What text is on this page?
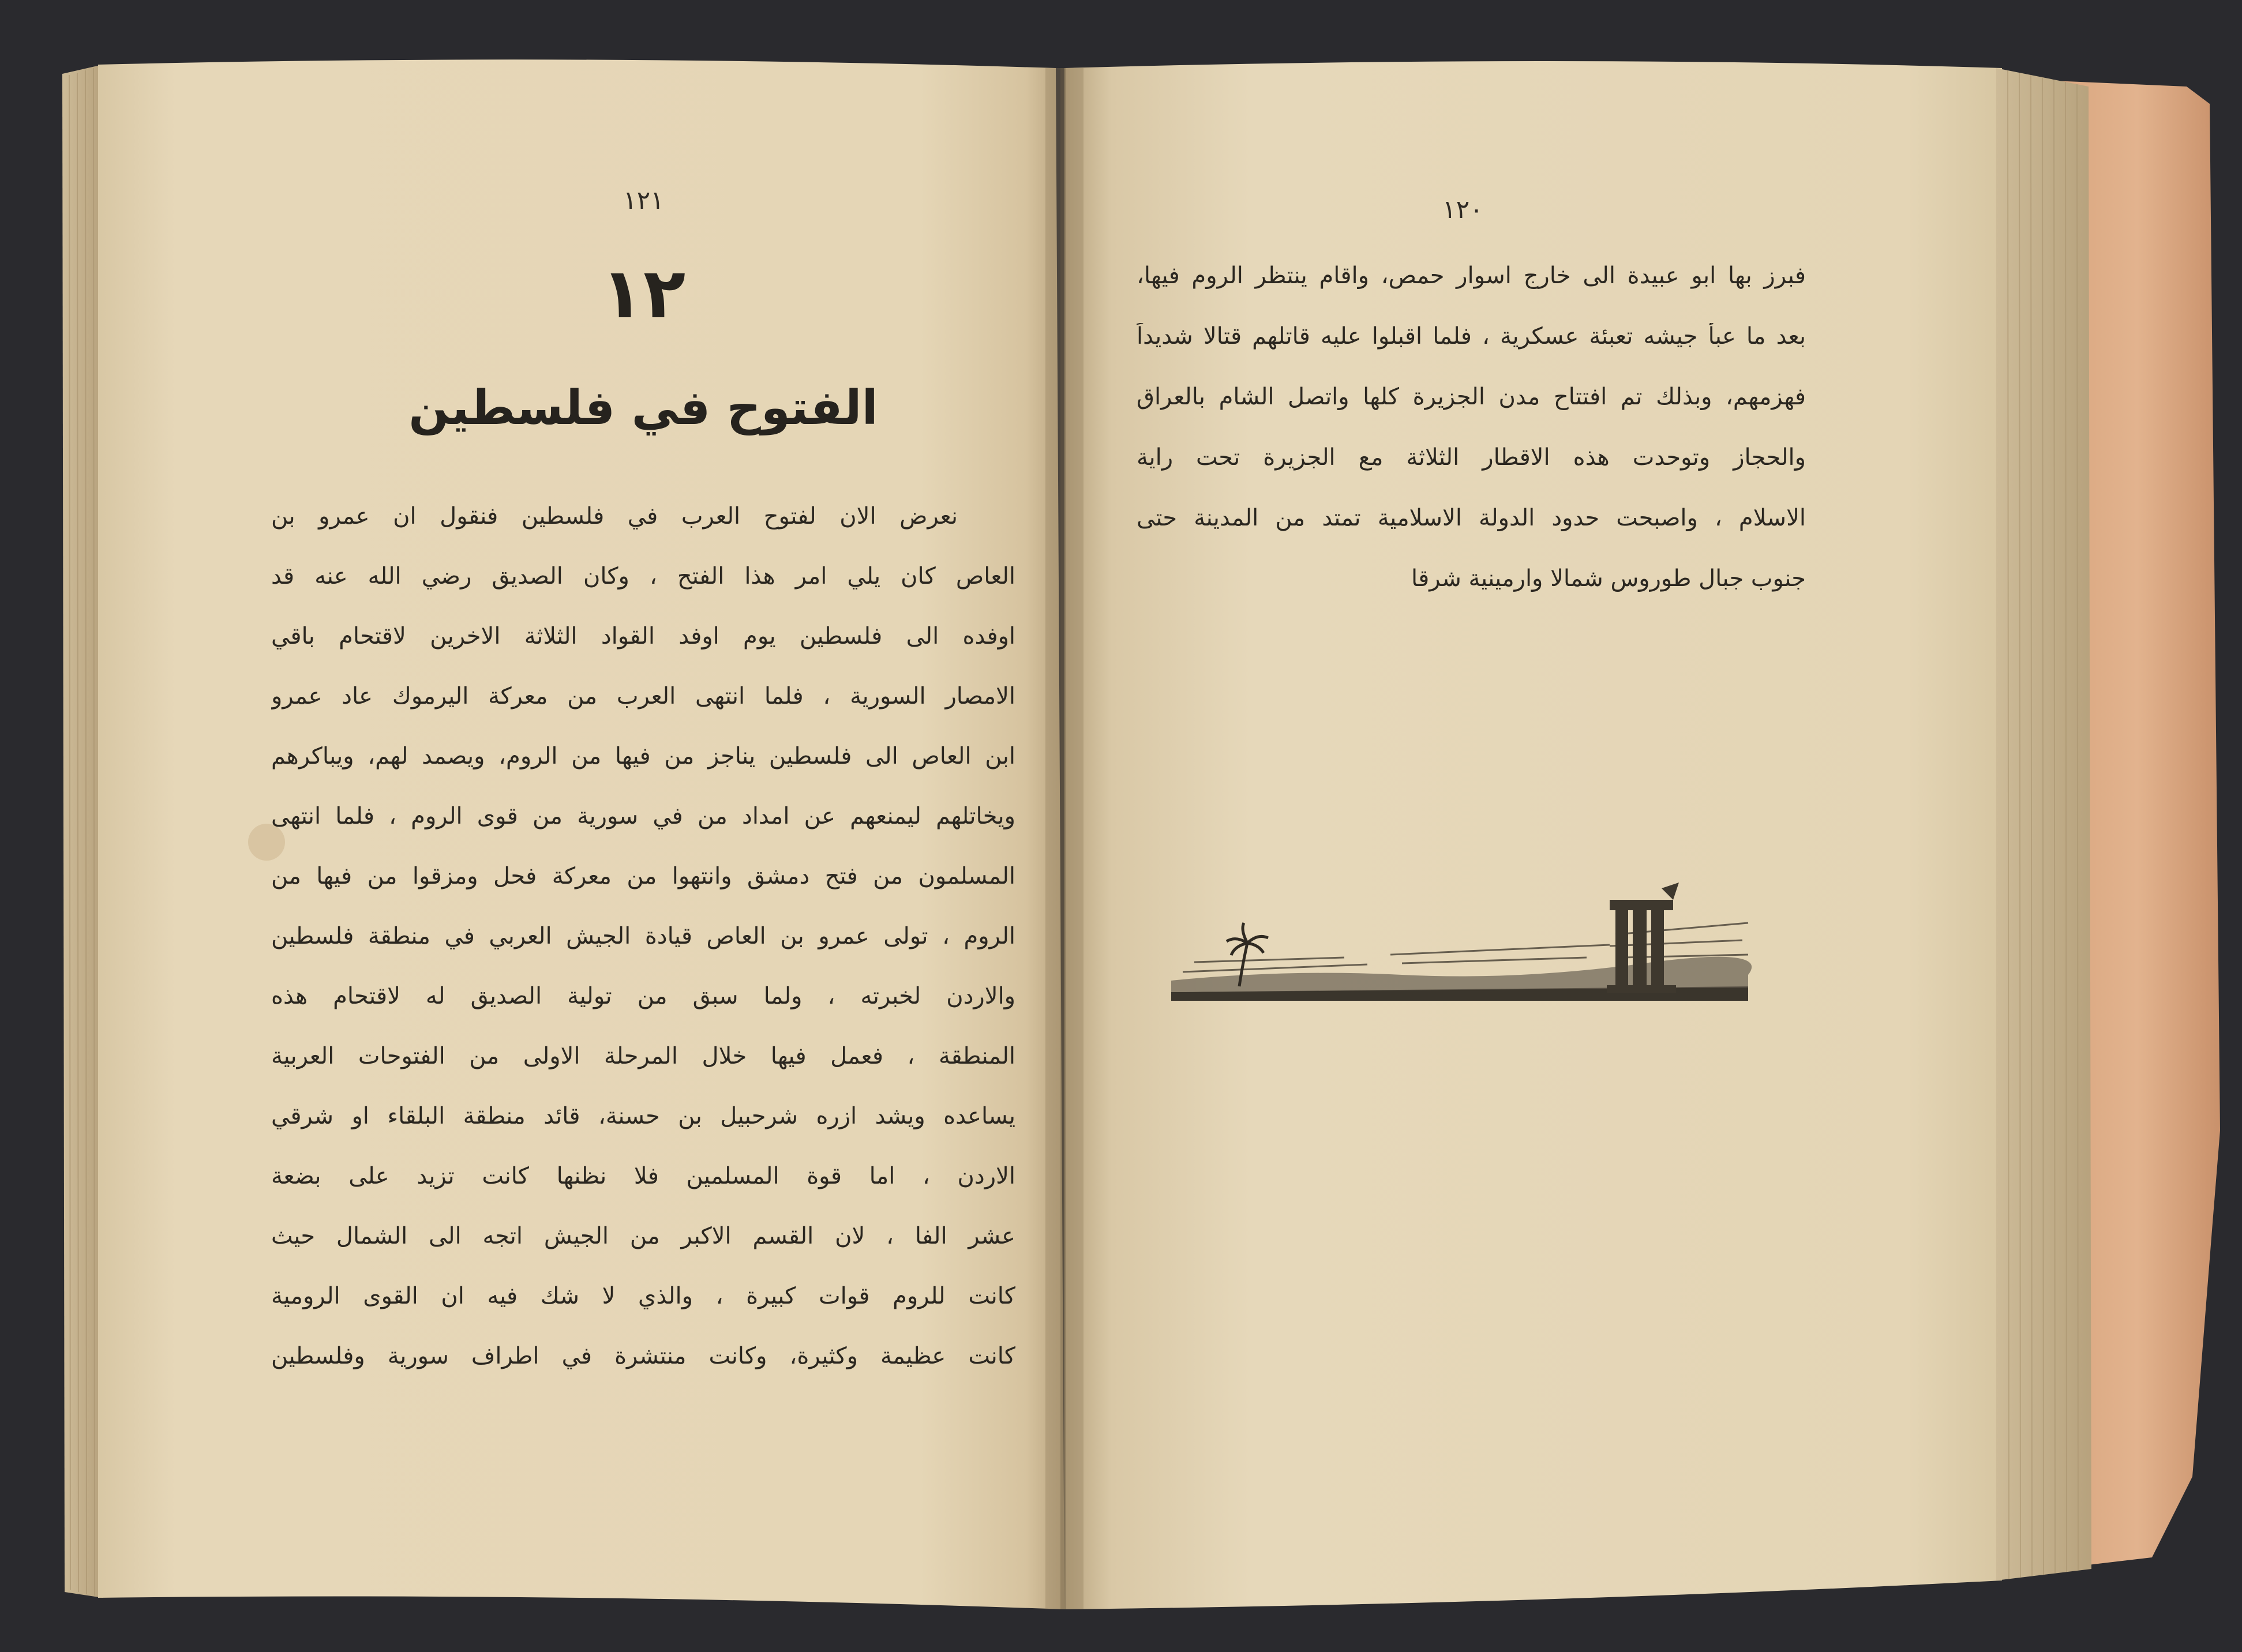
١٢١
١٢
الفتوح في فلسطين
نعرض الان لفتوح العرب في فلسطين فنقول ان عمرو بن
العاص كان يلي امر هذا الفتح ، وكان الصديق رضي الله عنه قد
اوفده الى فلسطين يوم اوفد القواد الثلاثة الاخرين لاقتحام باقي
الامصار السورية ، فلما انتهى العرب من معركة اليرموك عاد عمرو
ابن العاص الى فلسطين يناجز من فيها من الروم، ويصمد لهم، ويباكرهم
ويخاتلهم ليمنعهم عن امداد من في سورية من قوى الروم ، فلما انتهى
المسلمون من فتح دمشق وانتهوا من معركة فحل ومزقوا من فيها من
الروم ، تولى عمرو بن العاص قيادة الجيش العربي في منطقة فلسطين
والاردن لخبرته ، ولما سبق من تولية الصديق له لاقتحام هذه
المنطقة ، فعمل فيها خلال المرحلة الاولى من الفتوحات العربية
يساعده ويشد ازره شرحبيل بن حسنة، قائد منطقة البلقاء او شرقي
الاردن ، اما قوة المسلمين فلا نظنها كانت تزيد على بضعة
عشر الفا ، لان القسم الاكبر من الجيش اتجه الى الشمال حيث
كانت للروم قوات كبيرة ، والذي لا شك فيه ان القوى الرومية
كانت عظيمة وكثيرة، وكانت منتشرة في اطراف سورية وفلسطين
١٢٠
فبرز بها ابو عبيدة الى خارج اسوار حمص، واقام ينتظر الروم فيها،
بعد ما عبأ جيشه تعبئة عسكرية ، فلما اقبلوا عليه قاتلهم قتالا شديداً
فهزمهم، وبذلك تم افتتاح مدن الجزيرة كلها واتصل الشام بالعراق
والحجاز وتوحدت هذه الاقطار الثلاثة مع الجزيرة تحت راية
الاسلام ، واصبحت حدود الدولة الاسلامية تمتد من المدينة حتى
جنوب جبال طوروس شمالا وارمينية شرقا
